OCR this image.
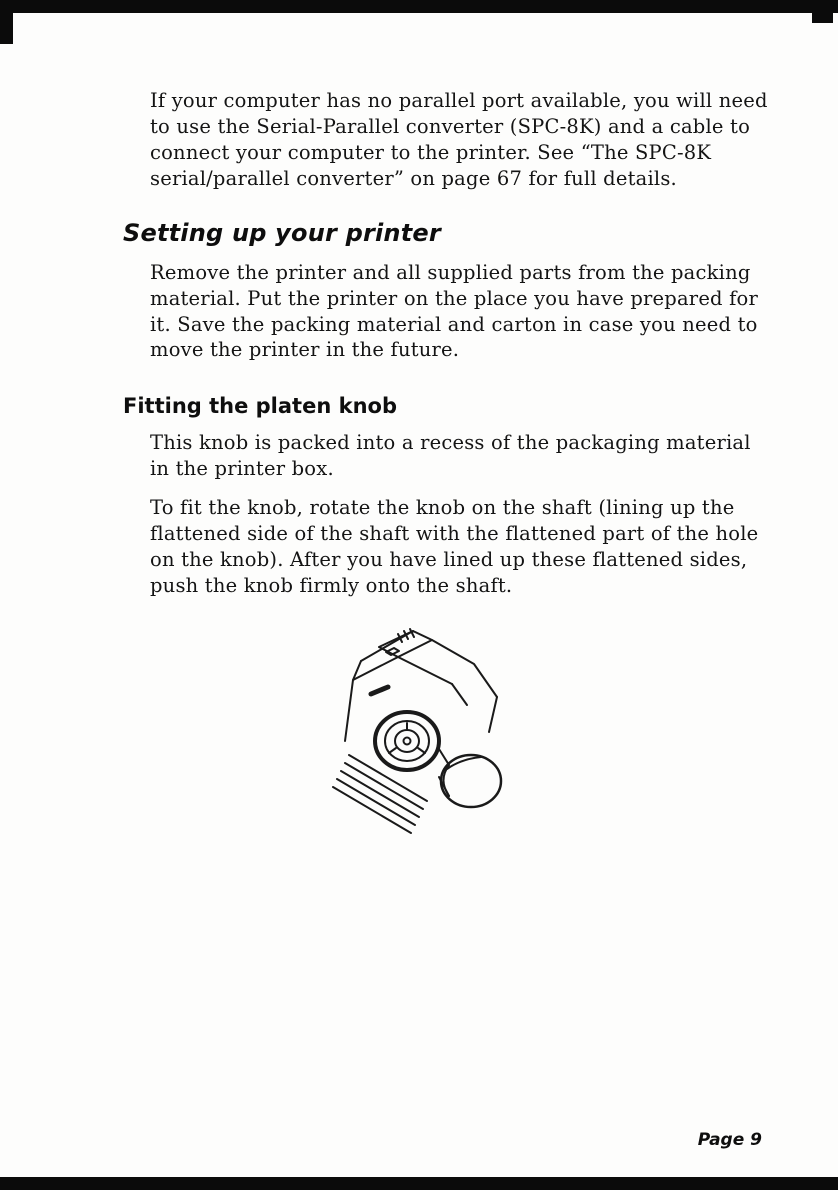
If your computer has no parallel port available, you will need to use the Serial-Parallel converter (SPC-8K) and a cable to connect your computer to the printer. See “The SPC-8K serial/parallel converter” on page 67 for full details.

Setting up your printer

Remove the printer and all supplied parts from the packing material. Put the printer on the place you have prepared for it. Save the packing material and carton in case you need to move the printer in the future.

Fitting the platen knob

This knob is packed into a recess of the packaging material in the printer box.

To fit the knob, rotate the knob on the shaft (lining up the flattened side of the shaft with the flattened part of the hole on the knob). After you have lined up these flattened sides, push the knob firmly onto the shaft.

Page 9
